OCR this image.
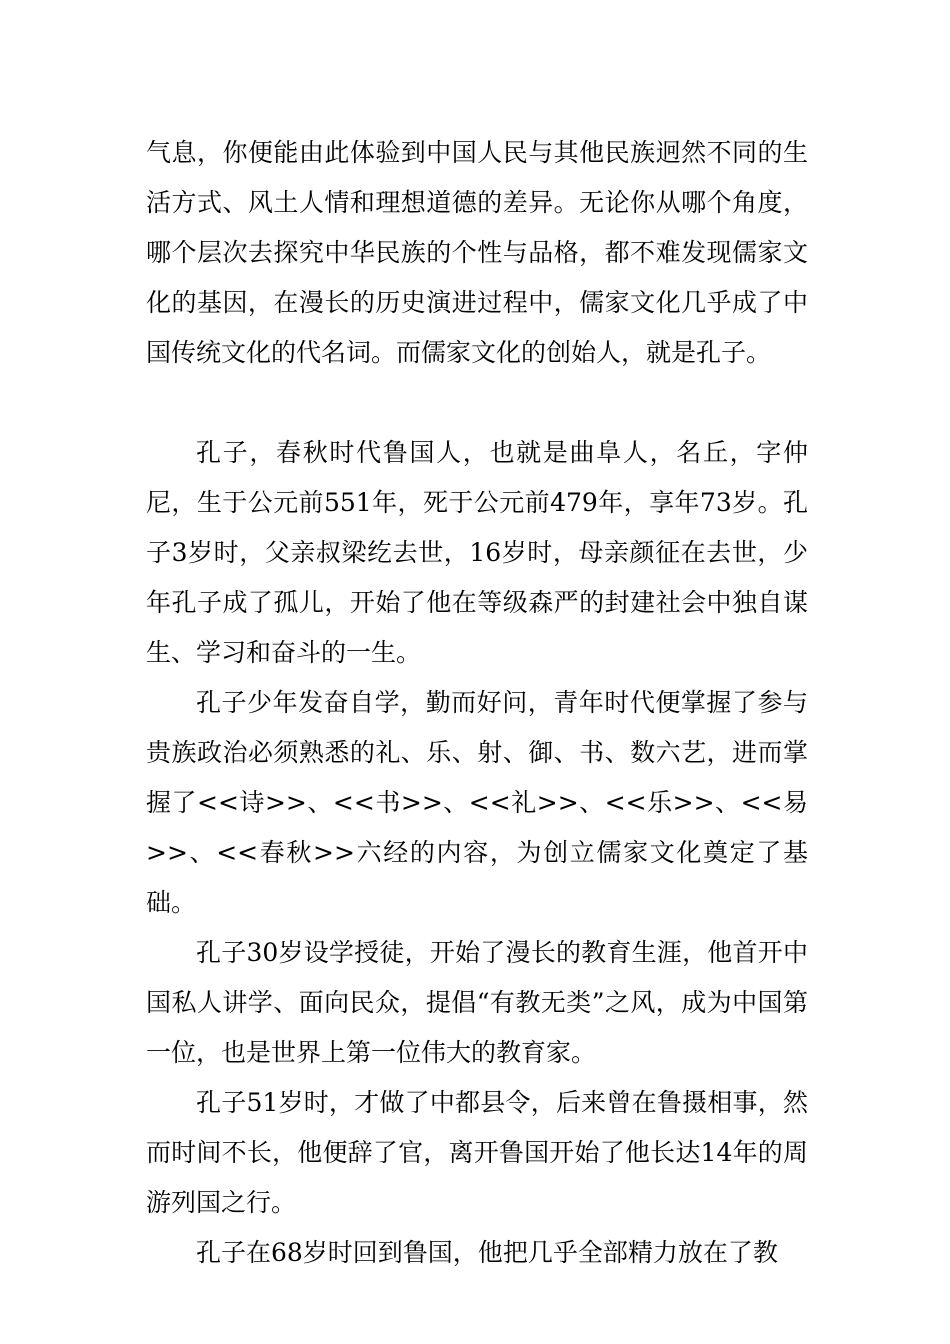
气息，你便能由此体验到中国人民与其他民族迥然不同的生活方式、风土人情和理想道德的差异。无论你从哪个角度，哪个层次去探究中华民族的个性与品格，都不难发现儒家文化的基因，在漫长的历史演进过程中，儒家文化几乎成了中国传统文化的代名词。而儒家文化的创始人，就是孔子。

孔子，春秋时代鲁国人，也就是曲阜人，名丘，字仲尼，生于公元前551年，死于公元前479年，享年73岁。孔子3岁时，父亲叔梁纥去世，16岁时，母亲颜征在去世，少年孔子成了孤儿，开始了他在等级森严的封建社会中独自谋生、学习和奋斗的一生。

孔子少年发奋自学，勤而好问，青年时代便掌握了参与贵族政治必须熟悉的礼、乐、射、御、书、数六艺，进而掌握了<<诗>>、<<书>>、<<礼>>、<<乐>>、<<易>>、<<春秋>>六经的内容，为创立儒家文化奠定了基础。

孔子30岁设学授徒，开始了漫长的教育生涯，他首开中国私人讲学、面向民众，提倡“有教无类”之风，成为中国第一位，也是世界上第一位伟大的教育家。

孔子51岁时，才做了中都县令，后来曾在鲁摄相事，然而时间不长，他便辞了官，离开鲁国开始了他长达14年的周游列国之行。

孔子在68岁时回到鲁国，他把几乎全部精力放在了教
